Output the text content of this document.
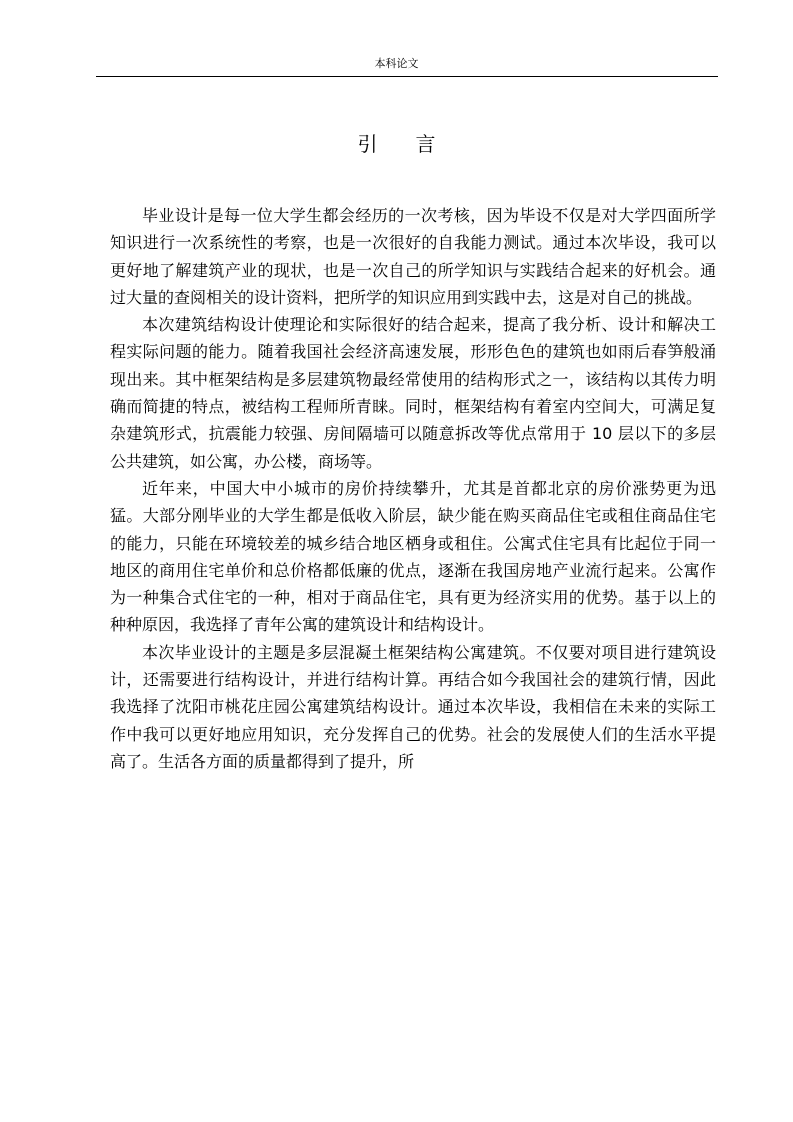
本科论文
引言

毕业设计是每一位大学生都会经历的一次考核，因为毕设不仅是对大学四面所学知识进行一次系统性的考察，也是一次很好的自我能力测试。通过本次毕设，我可以更好地了解建筑产业的现状，也是一次自己的所学知识与实践结合起来的好机会。通过大量的查阅相关的设计资料，把所学的知识应用到实践中去，这是对自己的挑战。

本次建筑结构设计使理论和实际很好的结合起来，提高了我分析、设计和解决工程实际问题的能力。随着我国社会经济高速发展，形形色色的建筑也如雨后春笋般涌现出来。其中框架结构是多层建筑物最经常使用的结构形式之一，该结构以其传力明确而简捷的特点，被结构工程师所青睐。同时，框架结构有着室内空间大，可满足复杂建筑形式，抗震能力较强、房间隔墙可以随意拆改等优点常用于 10 层以下的多层公共建筑，如公寓，办公楼，商场等。

近年来，中国大中小城市的房价持续攀升，尤其是首都北京的房价涨势更为迅猛。大部分刚毕业的大学生都是低收入阶层，缺少能在购买商品住宅或租住商品住宅的能力，只能在环境较差的城乡结合地区栖身或租住。公寓式住宅具有比起位于同一地区的商用住宅单价和总价格都低廉的优点，逐渐在我国房地产业流行起来。公寓作为一种集合式住宅的一种，相对于商品住宅，具有更为经济实用的优势。基于以上的种种原因，我选择了青年公寓的建筑设计和结构设计。

本次毕业设计的主题是多层混凝土框架结构公寓建筑。不仅要对项目进行建筑设计，还需要进行结构设计，并进行结构计算。再结合如今我国社会的建筑行情，因此我选择了沈阳市桃花庄园公寓建筑结构设计。通过本次毕设，我相信在未来的实际工作中我可以更好地应用知识，充分发挥自己的优势。社会的发展使人们的生活水平提高了。生活各方面的质量都得到了提升，所
